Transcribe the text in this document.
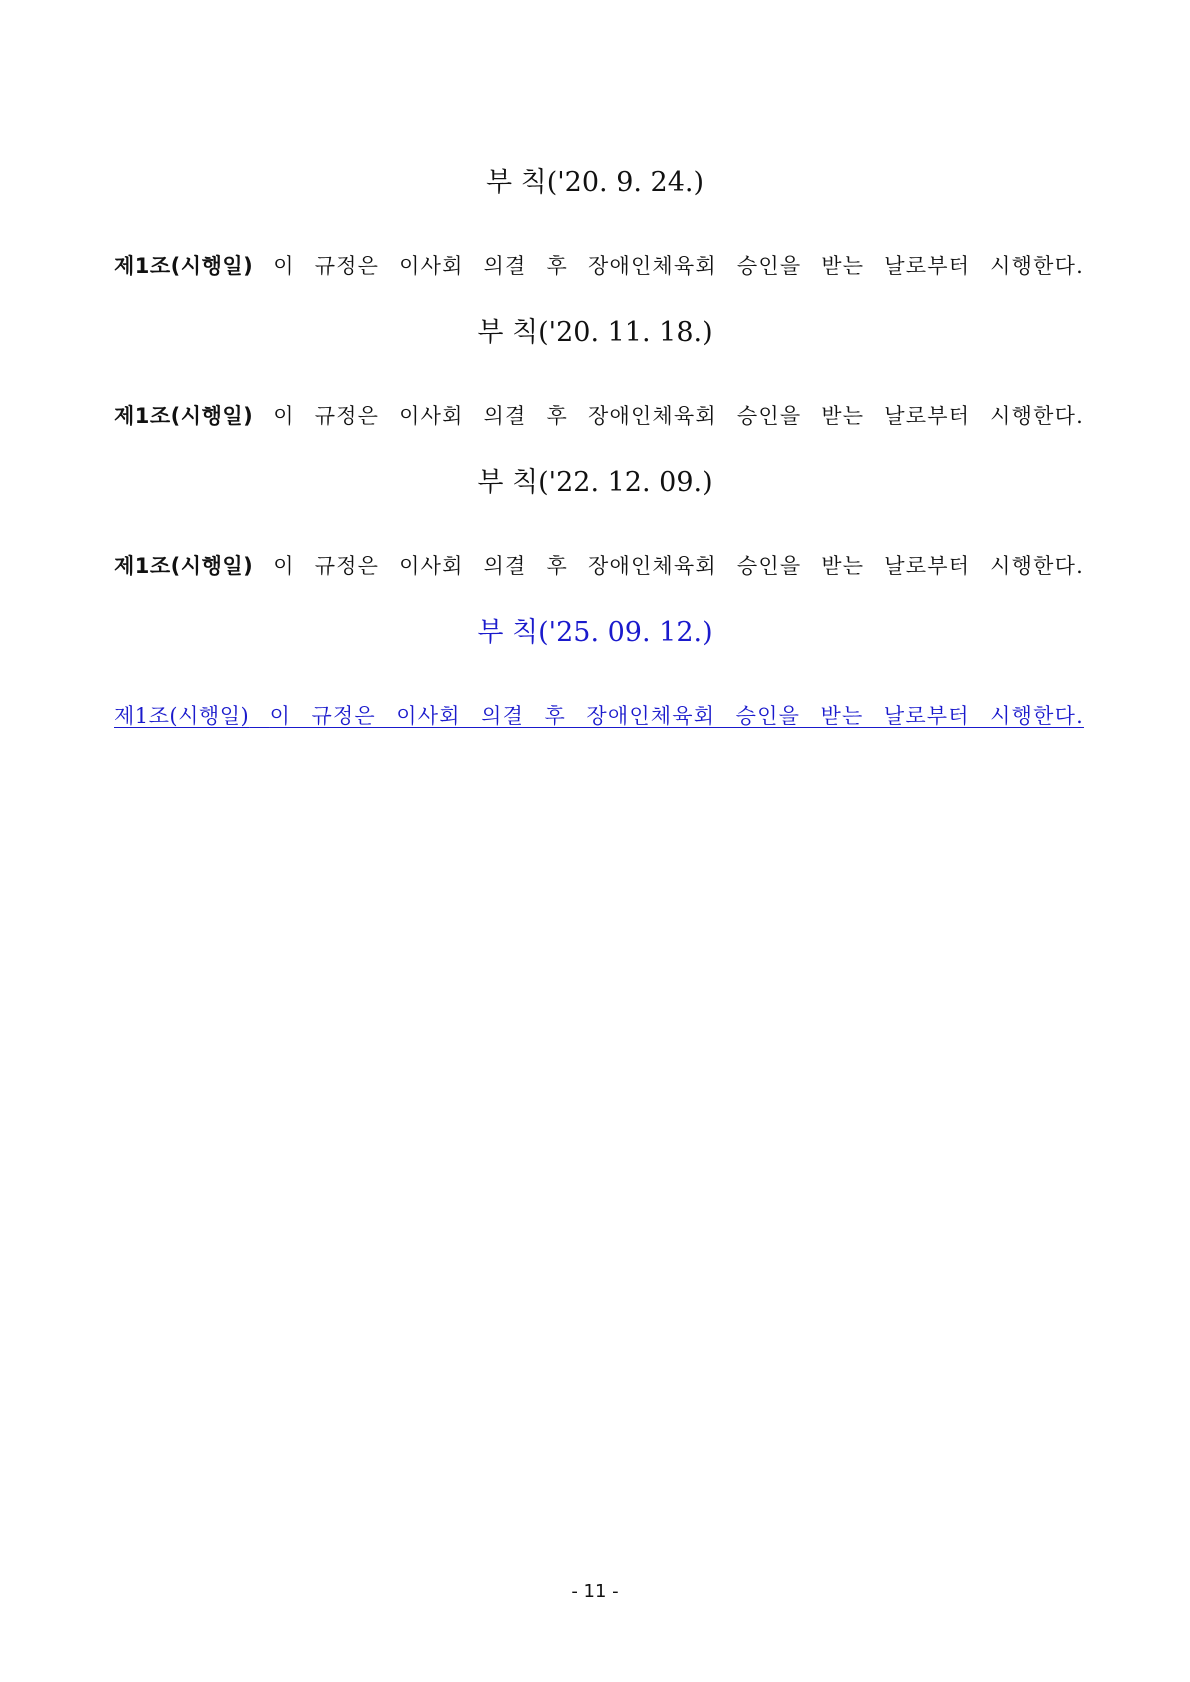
부 칙('20. 9. 24.)
제1조(시행일) 이 규정은 이사회 의결 후 장애인체육회 승인을 받는 날로부터 시행한다.
부 칙('20. 11. 18.)
제1조(시행일) 이 규정은 이사회 의결 후 장애인체육회 승인을 받는 날로부터 시행한다.
부 칙('22. 12. 09.)
제1조(시행일) 이 규정은 이사회 의결 후 장애인체육회 승인을 받는 날로부터 시행한다.
부 칙('25. 09. 12.)
제1조(시행일) 이 규정은 이사회 의결 후 장애인체육회 승인을 받는 날로부터 시행한다.
- 11 -
